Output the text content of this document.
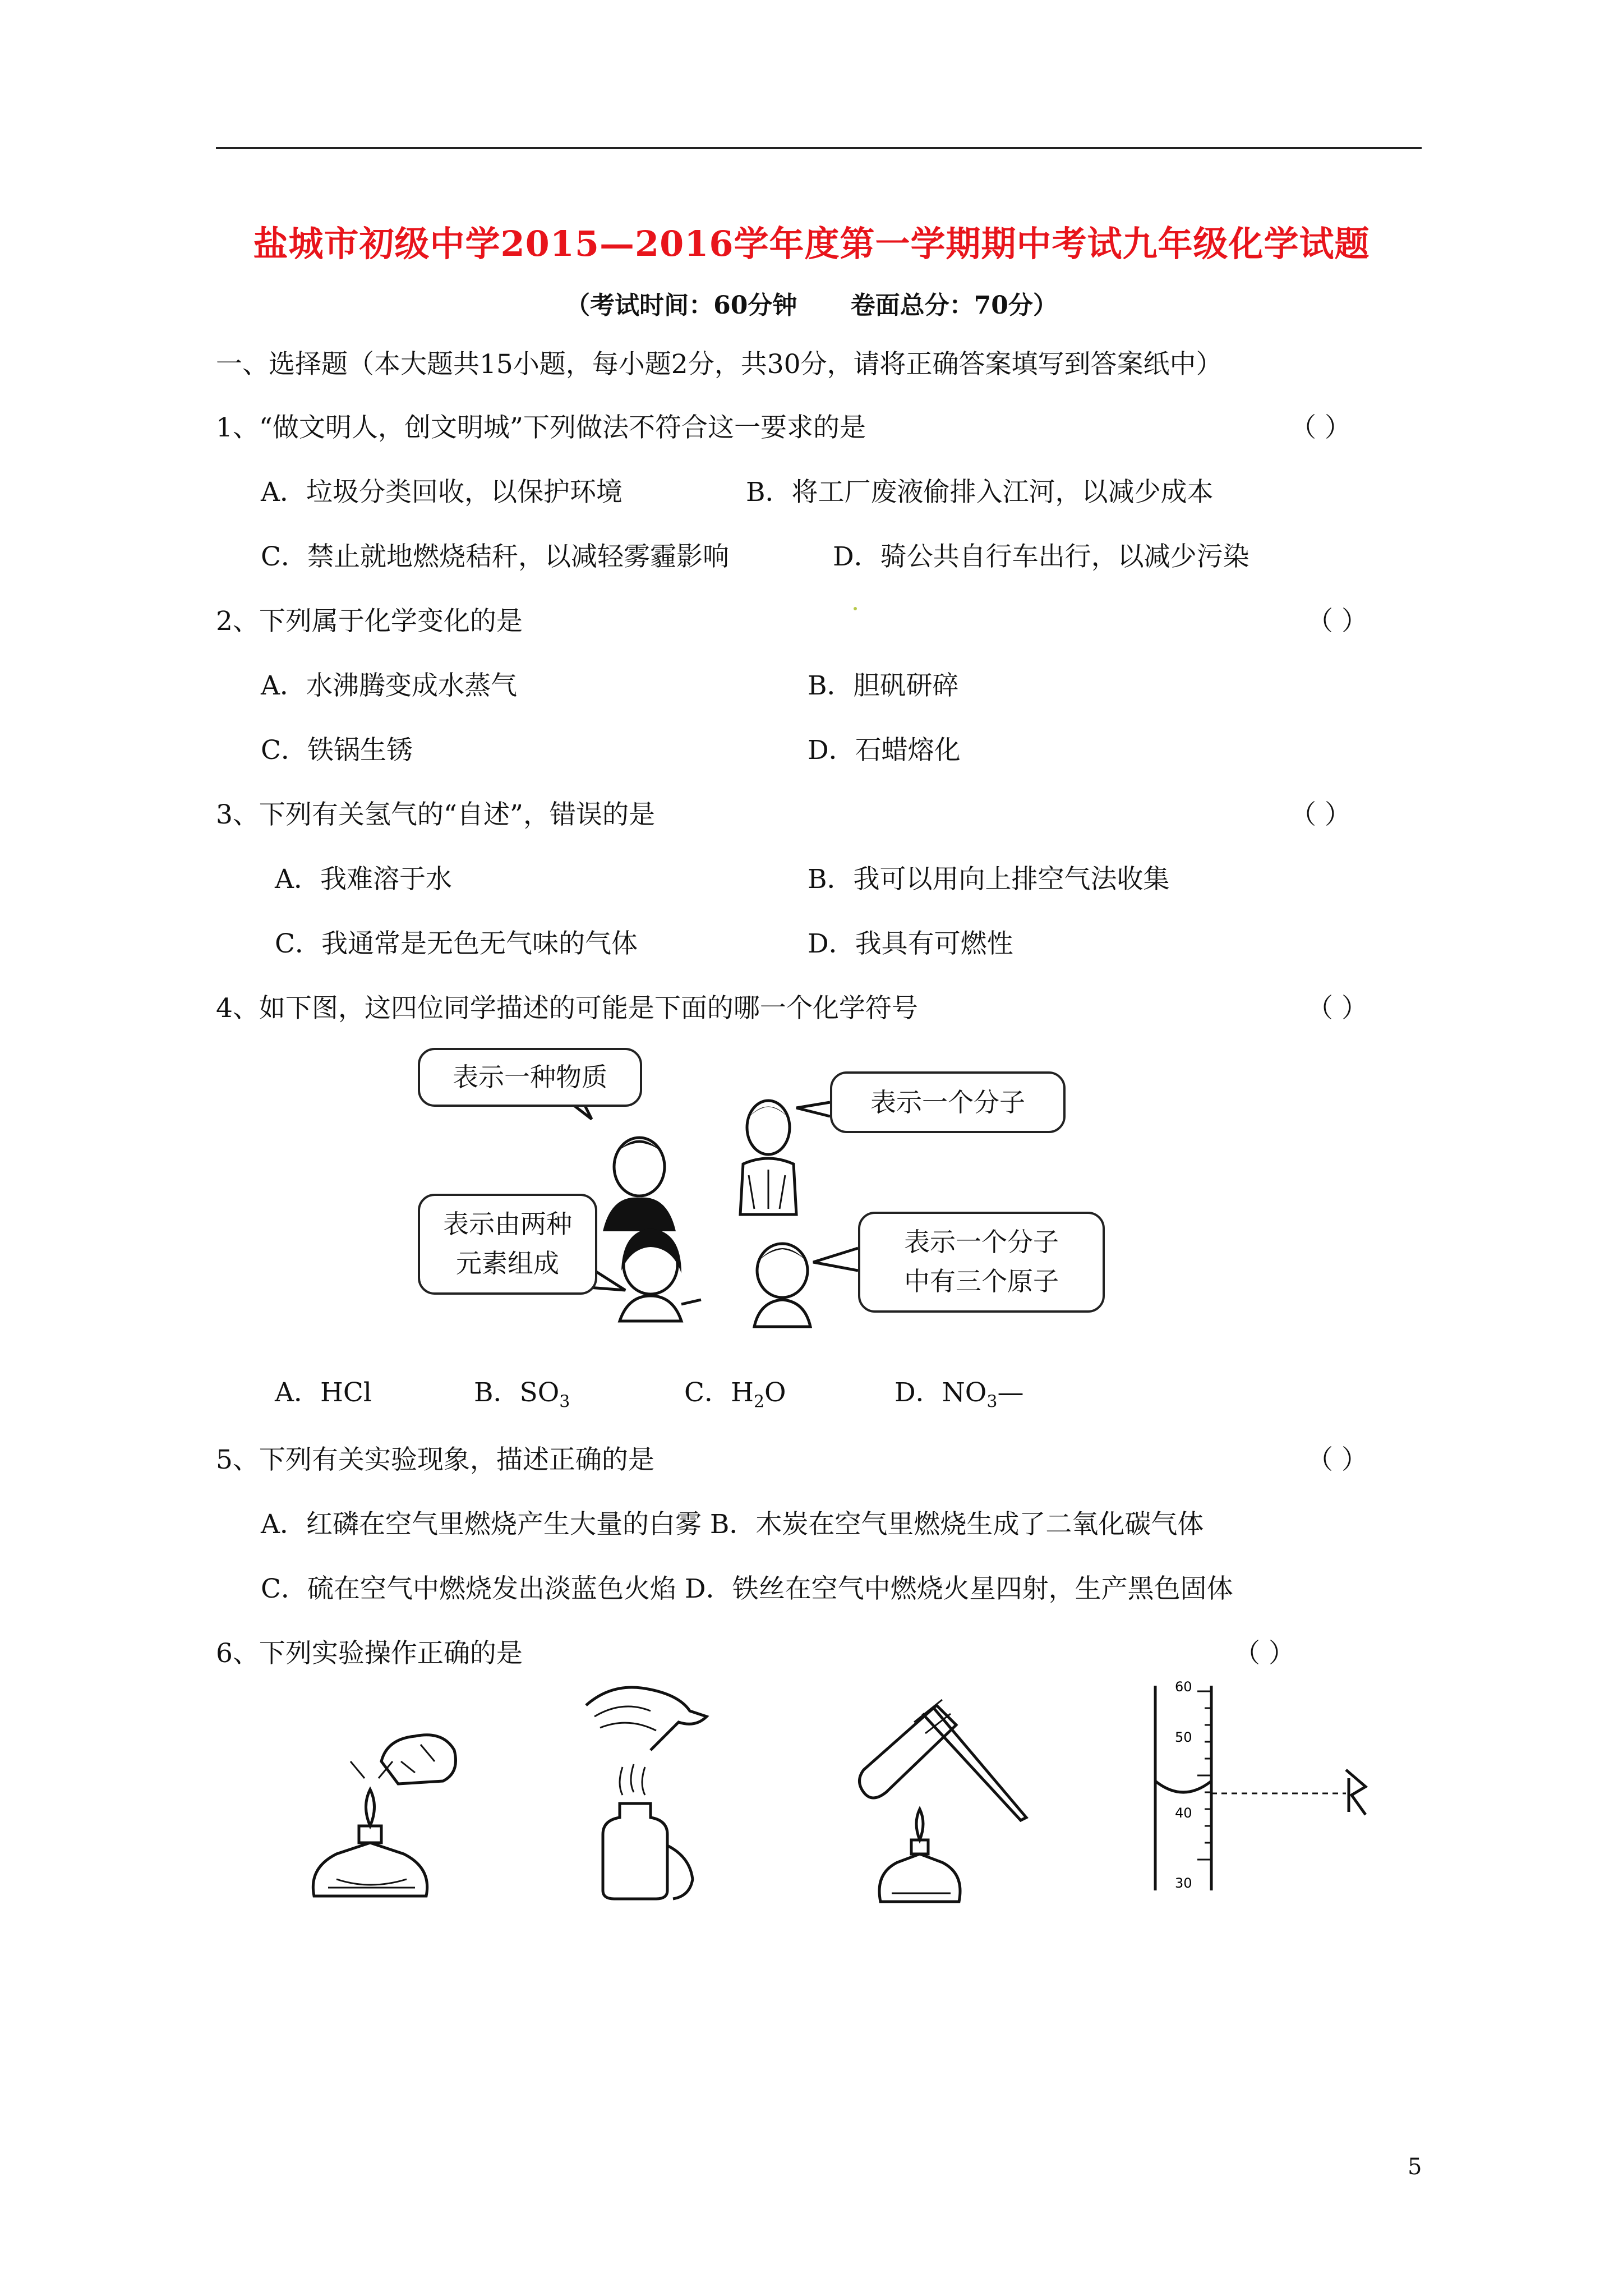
盐城市初级中学2015—2016学年度第一学期期中考试九年级化学试题
（考试时间：60分钟 卷面总分：70分）
一、选择题（本大题共15小题，每小题2分，共30分，请将正确答案填写到答案纸中）
1、“做文明人，创文明城”下列做法不符合这一要求的是	（ ）
A．垃圾分类回收，以保护环境	B．将工厂废液偷排入江河，以减少成本
C．禁止就地燃烧秸秆，以减轻雾霾影响	D．骑公共自行车出行，以减少污染
2、下列属于化学变化的是	（ ）
A．水沸腾变成水蒸气	B．胆矾研碎
C．铁锅生锈	D．石蜡熔化
3、下列有关氢气的“自述”，错误的是	（ ）
A．我难溶于水	B．我可以用向上排空气法收集
C．我通常是无色无气味的气体	D．我具有可燃性
4、如下图，这四位同学描述的可能是下面的哪一个化学符号	（ ）
表示一种物质
表示一个分子
表示由两种
元素组成
表示一个分子
中有三个原子
A．HCl	B．$SO_3$	C．$H_2O$	D．$NO_3—$
5、下列有关实验现象，描述正确的是	（ ）
A．红磷在空气里燃烧产生大量的白雾 B．木炭在空气里燃烧生成了二氧化碳气体
C．硫在空气中燃烧发出淡蓝色火焰 D．铁丝在空气中燃烧火星四射，生产黑色固体
6、下列实验操作正确的是	（ ）
60
50
40
30
5
